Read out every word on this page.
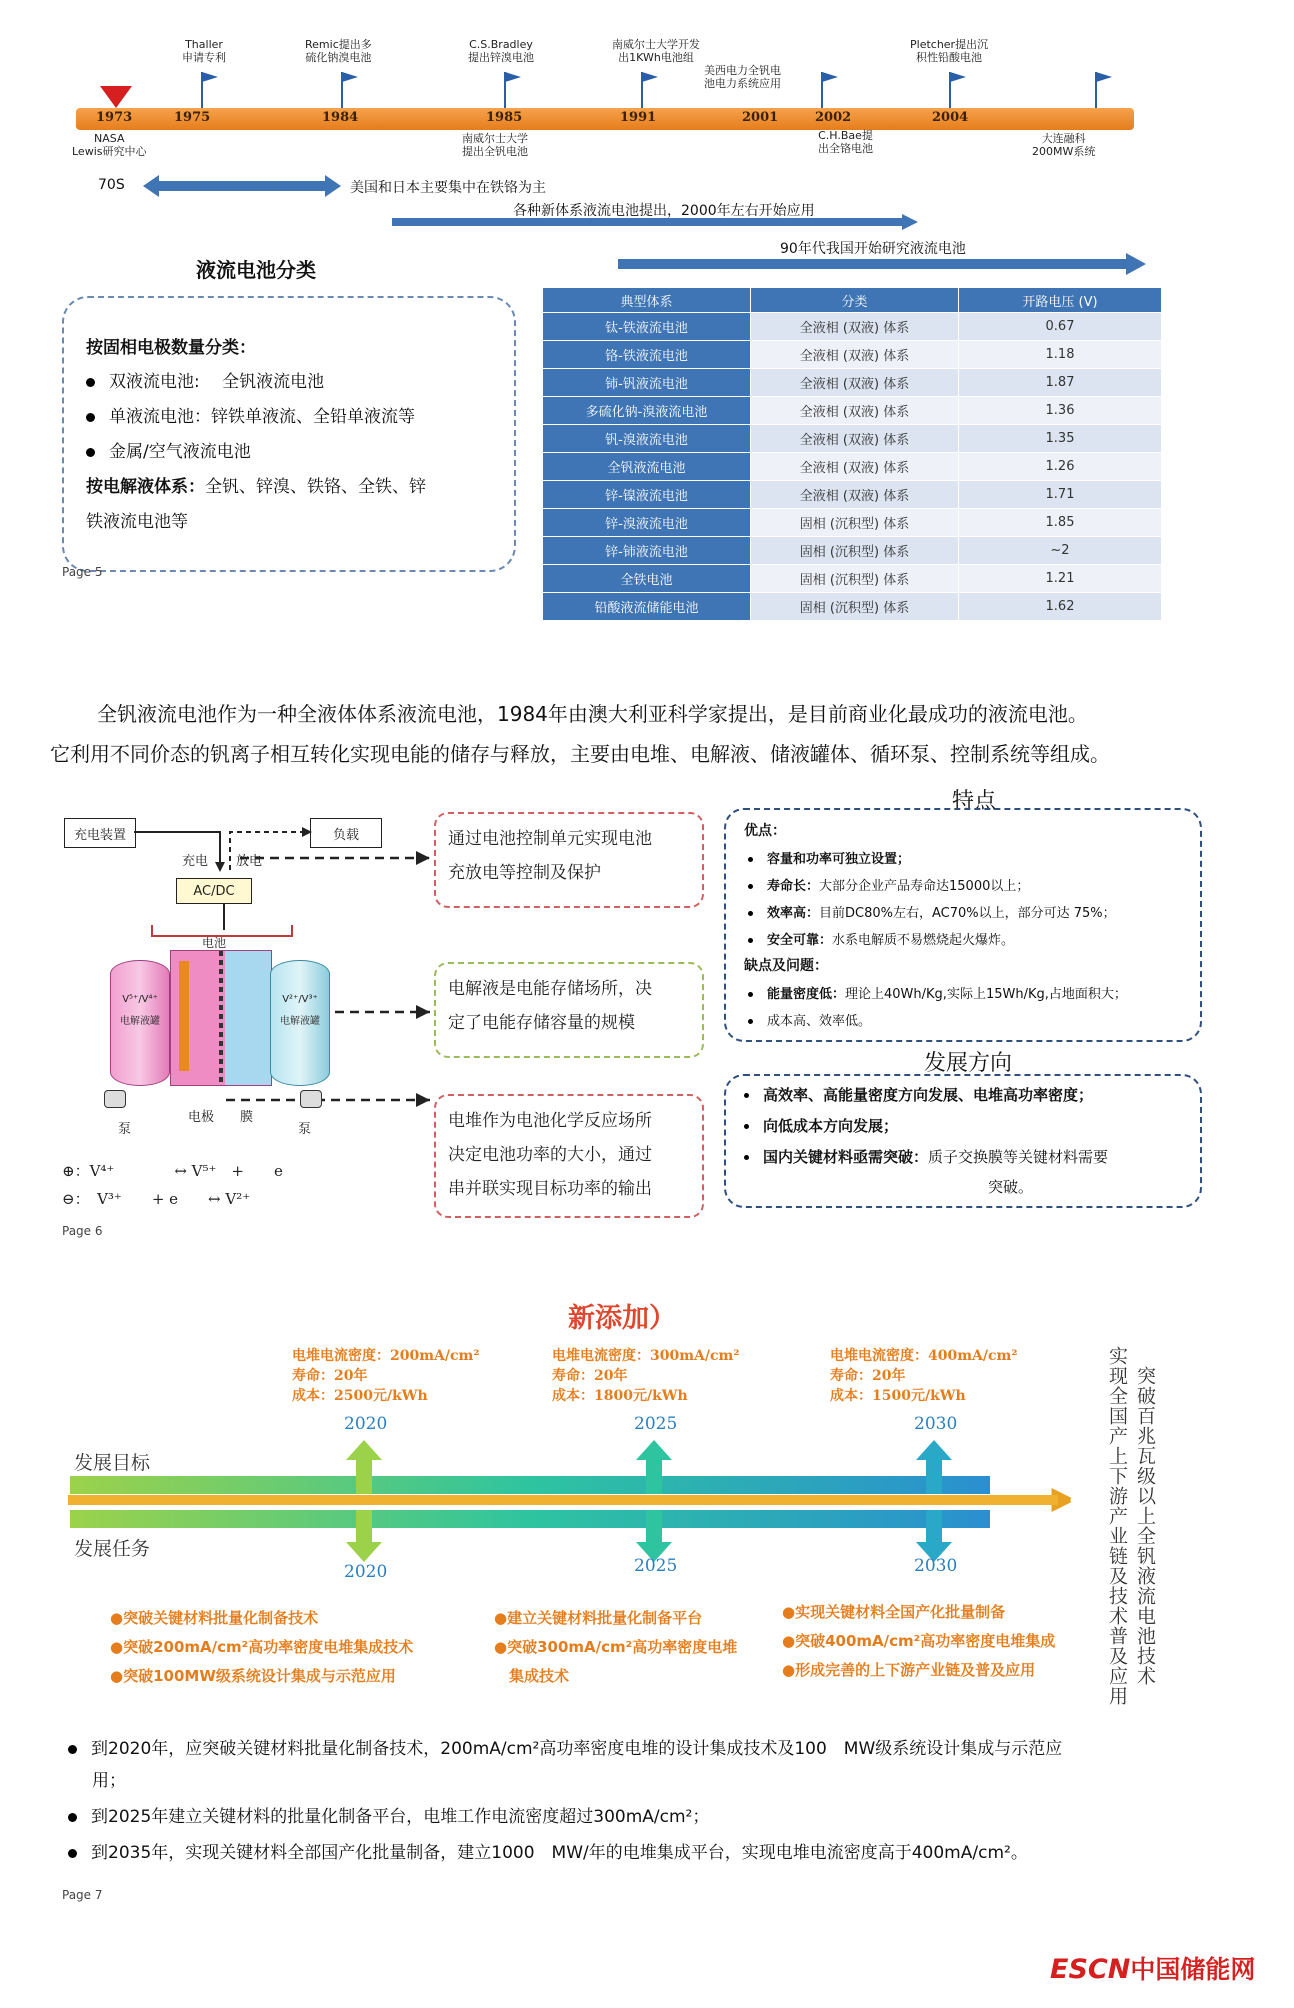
Thaller
申请专利
Remic提出多
硫化钠溴电池
C.S.Bradley
提出锌溴电池
南威尔士大学开发
出1KWh电池组
美西电力全钒电
池电力系统应用
Pletcher提出沉
积性铅酸电池
1973	1975	1984	1985	1991	2001	2002	2004
NASA
Lewis研究中心
南威尔士大学
提出全钒电池
C.H.Bae提
出全铬电池
大连融科
200MW系统
70S	美国和日本主要集中在铁铬为主
各种新体系液流电池提出，2000年左右开始应用
90年代我国开始研究液流电池
液流电池分类
按固相电极数量分类：
双液流电池:　 全钒液流电池
单液流电池：锌铁单液流、全铅单液流等
金属/空气液流电池
按电解液体系：全钒、锌溴、铁铬、全铁、锌
铁液流电池等
典型体系	分类	开路电压 (V)
钛-铁液流电池	全液相 (双液) 体系	0.67
铬-铁液流电池	全液相 (双液) 体系	1.18
铈-钒液流电池	全液相 (双液) 体系	1.87
多硫化钠-溴液流电池	全液相 (双液) 体系	1.36
钒-溴液流电池	全液相 (双液) 体系	1.35
全钒液流电池	全液相 (双液) 体系	1.26
锌-镍液流电池	全液相 (双液) 体系	1.71
锌-溴液流电池	固相 (沉积型) 体系	1.85
锌-铈液流电池	固相 (沉积型) 体系	~2
全铁电池	固相 (沉积型) 体系	1.21
铅酸液流储能电池	固相 (沉积型) 体系	1.62
Page 5
全钒液流电池作为一种全液体体系液流电池，1984年由澳大利亚科学家提出，是目前商业化最成功的液流电池。
它利用不同价态的钒离子相互转化实现电能的储存与释放，主要由电堆、电解液、储液罐体、循环泵、控制系统等组成。
充电装置	负载
充电 放电
AC/DC
电池
V⁵⁺/V⁴⁺
电解液罐
V²⁺/V³⁺
电解液罐
泵
电极 膜
泵
⊕：V⁴⁺　　　　↔ V⁵⁺　+　　e
⊖：　V³⁺　　+ e　　↔ V²⁺
通过电池控制单元实现电池
充放电等控制及保护
电解液是电能存储场所，决
定了电能存储容量的规模
电堆作为电池化学反应场所
决定电池功率的大小，通过
串并联实现目标功率的输出
特点
优点：
容量和功率可独立设置；
寿命长：大部分企业产品寿命达15000以上；
效率高：目前DC80%左右，AC70%以上，部分可达 75%；
安全可靠：水系电解质不易燃烧起火爆炸。
缺点及问题：
能量密度低：理论上40Wh/Kg,实际上15Wh/Kg,占地面积大；
成本高、效率低。
发展方向
高效率、高能量密度方向发展、电堆高功率密度；
向低成本方向发展；
国内关键材料亟需突破：质子交换膜等关键材料需要
突破。
Page 6
新添加）
电堆电流密度：200mA/cm²
寿命：20年
成本：2500元/kWh
电堆电流密度：300mA/cm²
寿命：20年
成本：1800元/kWh
电堆电流密度：400mA/cm²
寿命：20年
成本：1500元/kWh
2020	2025	2030
发展目标
发展任务
2020	2025	2030
●突破关键材料批量化制备技术
●突破200mA/cm²高功率密度电堆集成技术
●突破100MW级系统设计集成与示范应用
●建立关键材料批量化制备平台
●突破300mA/cm²高功率密度电堆
　集成技术
●实现关键材料全国产化批量制备
●突破400mA/cm²高功率密度电堆集成
●形成完善的上下游产业链及普及应用	突破百兆瓦级以上全钒液流电池技术
实现全国产上下游产业链及技术普及应用
到2020年，应突破关键材料批量化制备技术，200mA/cm²高功率密度电堆的设计集成技术及100　MW级系统设计集成与示范应
用；
到2025年建立关键材料的批量化制备平台，电堆工作电流密度超过300mA/cm²；
到2035年，实现关键材料全部国产化批量制备，建立1000　MW/年的电堆集成平台，实现电堆电流密度高于400mA/cm²。
Page 7
ESCN中国储能网
